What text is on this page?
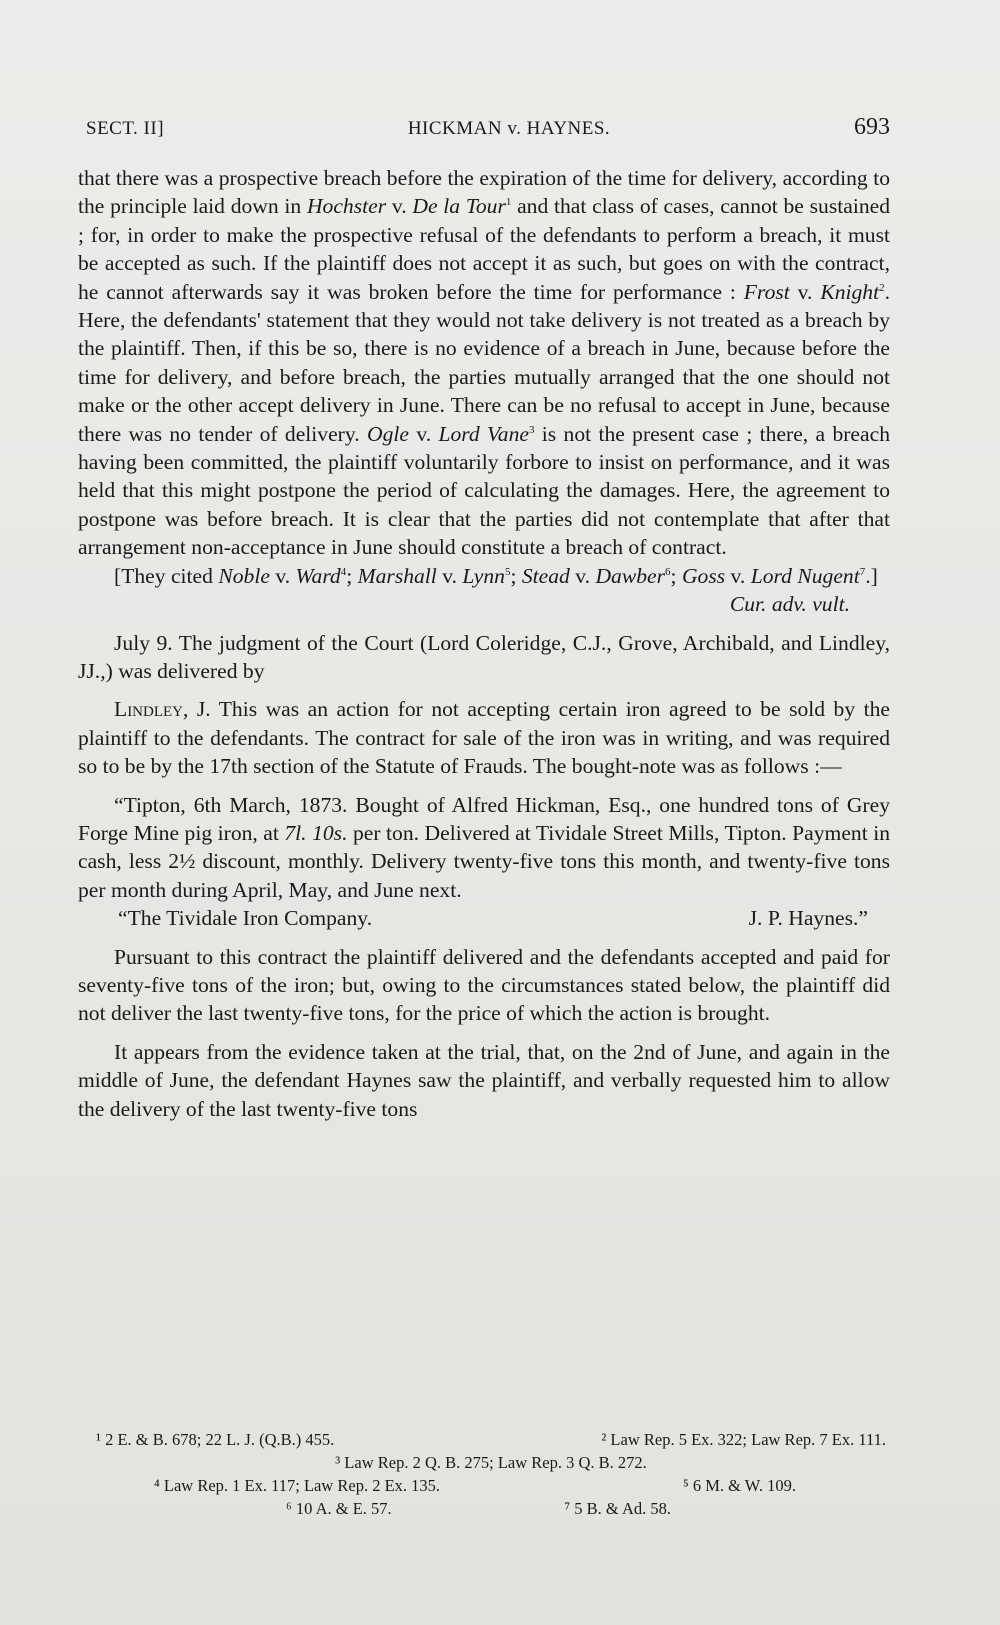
SECT. II]	HICKMAN v. HAYNES.	693

that there was a prospective breach before the expiration of the time for delivery, according to the principle laid down in Hochster v. De la Tour$^1$ and that class of cases, cannot be sustained ; for, in order to make the prospective refusal of the defendants to perform a breach, it must be accepted as such. If the plaintiff does not accept it as such, but goes on with the contract, he cannot afterwards say it was broken before the time for performance : Frost v. Knight$^2$. Here, the defendants' statement that they would not take delivery is not treated as a breach by the plaintiff. Then, if this be so, there is no evidence of a breach in June, because before the time for delivery, and before breach, the parties mutually arranged that the one should not make or the other accept delivery in June. There can be no refusal to accept in June, because there was no tender of delivery. Ogle v. Lord Vane$^3$ is not the present case ; there, a breach having been committed, the plaintiff voluntarily forbore to insist on performance, and it was held that this might postpone the period of calculating the damages. Here, the agreement to postpone was before breach. It is clear that the parties did not contemplate that after that arrangement non-acceptance in June should constitute a breach of contract.

[They cited Noble v. Ward$^4$; Marshall v. Lynn$^5$; Stead v. Dawber$^6$; Goss v. Lord Nugent$^7$.]

Cur. adv. vult.

July 9. The judgment of the Court (Lord Coleridge, C.J., Grove, Archibald, and Lindley, JJ.,) was delivered by

Lindley, J. This was an action for not accepting certain iron agreed to be sold by the plaintiff to the defendants. The contract for sale of the iron was in writing, and was required so to be by the 17th section of the Statute of Frauds. The bought-note was as follows :—

“Tipton, 6th March, 1873. Bought of Alfred Hickman, Esq., one hundred tons of Grey Forge Mine pig iron, at 7l. 10s. per ton. Delivered at Tividale Street Mills, Tipton. Payment in cash, less 2½ discount, monthly. Delivery twenty-five tons this month, and twenty-five tons per month during April, May, and June next.

“The Tividale Iron Company.	J. P. Haynes.”

Pursuant to this contract the plaintiff delivered and the defendants accepted and paid for seventy-five tons of the iron; but, owing to the circumstances stated below, the plaintiff did not deliver the last twenty-five tons, for the price of which the action is brought.

It appears from the evidence taken at the trial, that, on the 2nd of June, and again in the middle of June, the defendant Haynes saw the plaintiff, and verbally requested him to allow the delivery of the last twenty-five tons

¹ 2 E. & B. 678; 22 L. J. (Q.B.) 455.	² Law Rep. 5 Ex. 322; Law Rep. 7 Ex. 111.
³ Law Rep. 2 Q. B. 275; Law Rep. 3 Q. B. 272.
⁴ Law Rep. 1 Ex. 117; Law Rep. 2 Ex. 135.	⁵ 6 M. & W. 109.
⁶ 10 A. & E. 57.	⁷ 5 B. & Ad. 58.
